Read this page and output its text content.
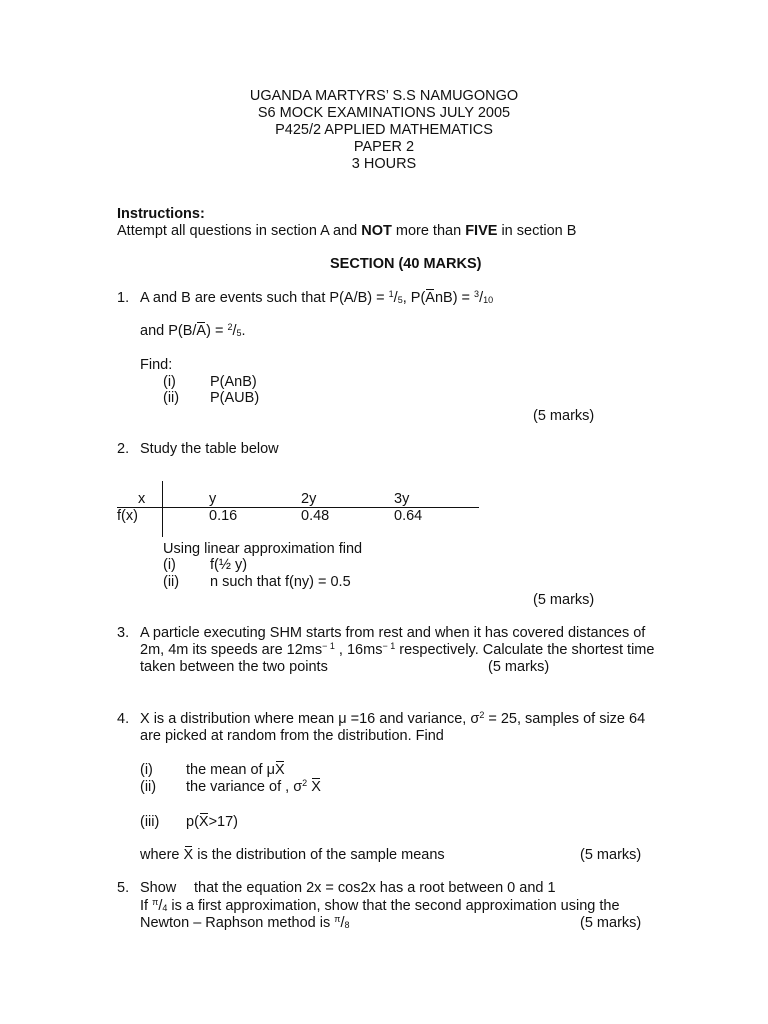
UGANDA MARTYRS’ S.S NAMUGONGO
S6 MOCK EXAMINATIONS JULY 2005
P425/2 APPLIED MATHEMATICS
PAPER 2
3 HOURS
Instructions:
Attempt all questions in section A and NOT more than FIVE in section B
SECTION (40 MARKS)
1. A and B are events such that $P(A/B) = ^1/_5$, $P(AnB) = ^3/_{10}$
and $P(B/A) = ^2/_5$.
Find:
(i) P(AnB)
(ii) P(AUB)
(5 marks)
2. Study the table below
x	y	2y	3y
f(x)	0.16	0.48	0.64
Using linear approximation find
(i) f(½ y)
(ii) n such that f(ny) = 0.5
(5 marks)
3. A particle executing SHM starts from rest and when it has covered distances of
2m, 4m its speeds are $12ms^{- 1}$ , $16ms^{- 1}$ respectively. Calculate the shortest time
taken between the two points	(5 marks)
4. X is a distribution where mean μ =16 and variance, $\sigma^2 = 25$, samples of size 64
are picked at random from the distribution. Find
(i) the mean of μX
(ii) the variance of , $\sigma^2$ X
(iii) p(X>17)
where X is the distribution of the sample means	(5 marks)
5. Show that the equation 2x = cos2x has a root between 0 and 1
If $^\pi/_4$ is a first approximation, show that the second approximation using the
Newton – Raphson method is $^\pi/_8$	(5 marks)
